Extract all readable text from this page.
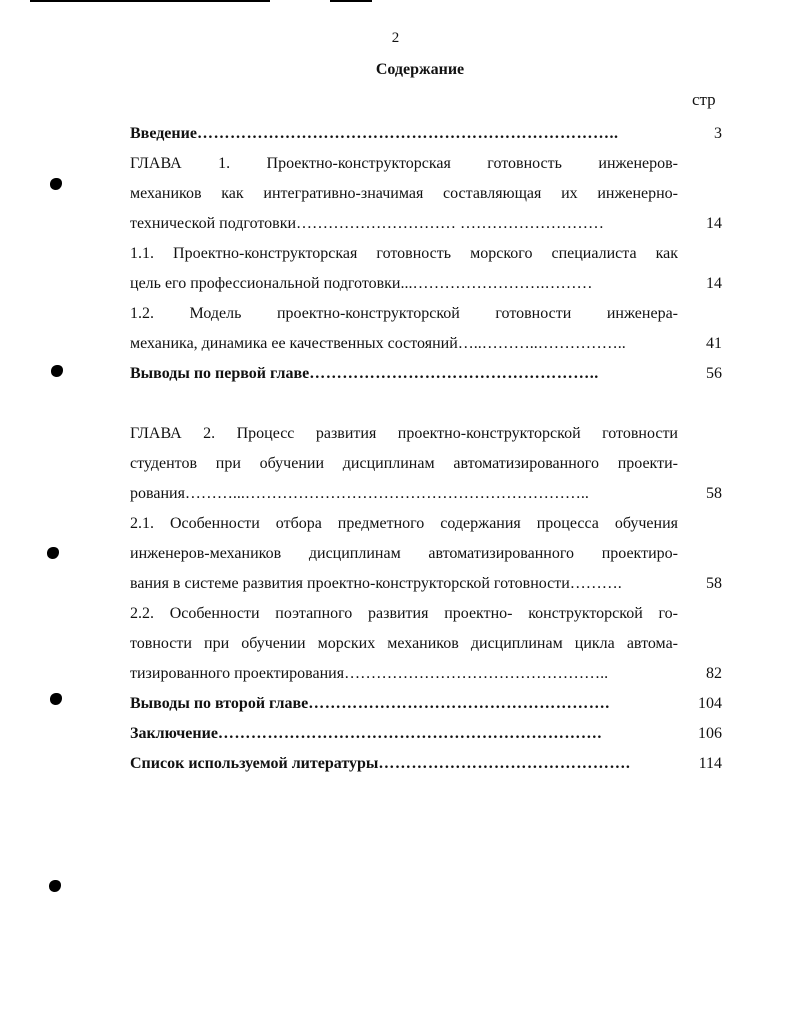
2
Содержание
стр
Введение…………………………………………………………………..	3
ГЛАВА 1. Проектно-конструкторская готовность инженеров-
механиков как интегративно-значимая составляющая их инженерно-
технической подготовки………………………… ………………………	14
1.1. Проектно-конструкторская готовность морского специалиста как
цель его профессиональной подготовки...…………………….………	14
1.2. Модель проектно-конструкторской готовности инженера-
механика, динамика ее качественных состояний…..………..……………..	41
Выводы по первой главе……………………………………………..	56
ГЛАВА 2. Процесс развития проектно-конструкторской готовности
студентов при обучении дисциплинам автоматизированного проекти-
рования………...………………………………………………………..	58
2.1. Особенности отбора предметного содержания процесса обучения
инженеров-механиков дисциплинам автоматизированного проектиро-
вания в системе развития проектно-конструкторской готовности……….	58
2.2. Особенности поэтапного развития проектно- конструкторской го-
товности при обучении морских механиков дисциплинам цикла автома-
тизированного проектирования…………………………………………..	82
Выводы по второй главе……………………………………………….	104
Заключение…………………………………………………………….	106
Список используемой литературы……………………………………….	114
